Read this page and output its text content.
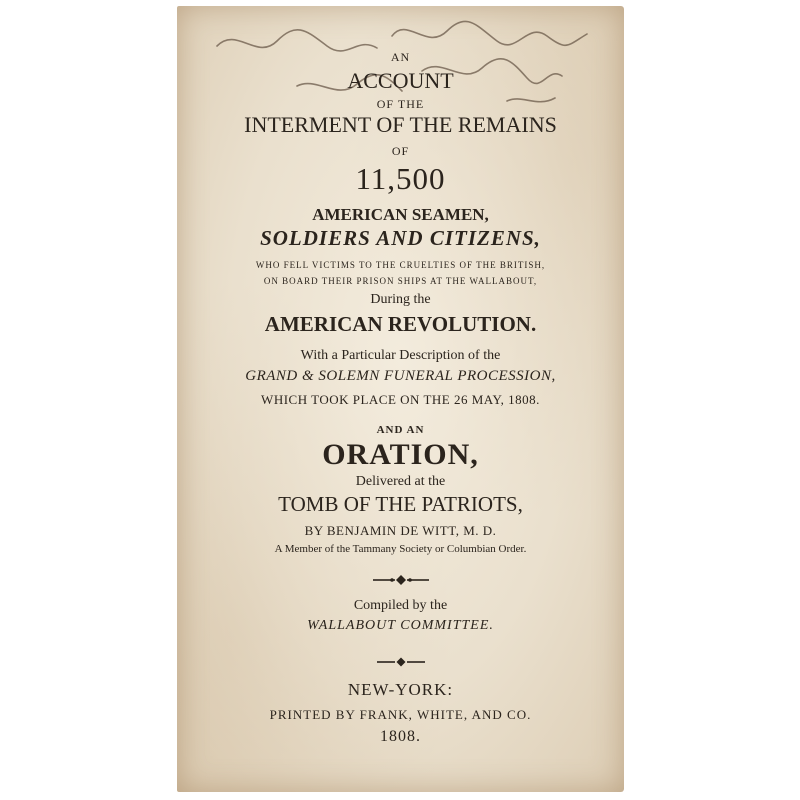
AN
ACCOUNT
OF THE
INTERMENT OF THE REMAINS
OF
11,500
AMERICAN SEAMEN,
SOLDIERS AND CITIZENS,
WHO FELL VICTIMS TO THE CRUELTIES OF THE BRITISH,
ON BOARD THEIR PRISON SHIPS AT THE WALLABOUT,
During the
AMERICAN REVOLUTION.
With a Particular Description of the
GRAND & SOLEMN FUNERAL PROCESSION,
WHICH TOOK PLACE ON THE 26 MAY, 1808.
AND AN
ORATION,
Delivered at the
TOMB OF THE PATRIOTS,
BY BENJAMIN DE WITT, M. D.
A Member of the Tammany Society or Columbian Order.
Compiled by the
WALLABOUT COMMITTEE.
NEW-YORK:
PRINTED BY FRANK, WHITE, AND CO.
1808.
